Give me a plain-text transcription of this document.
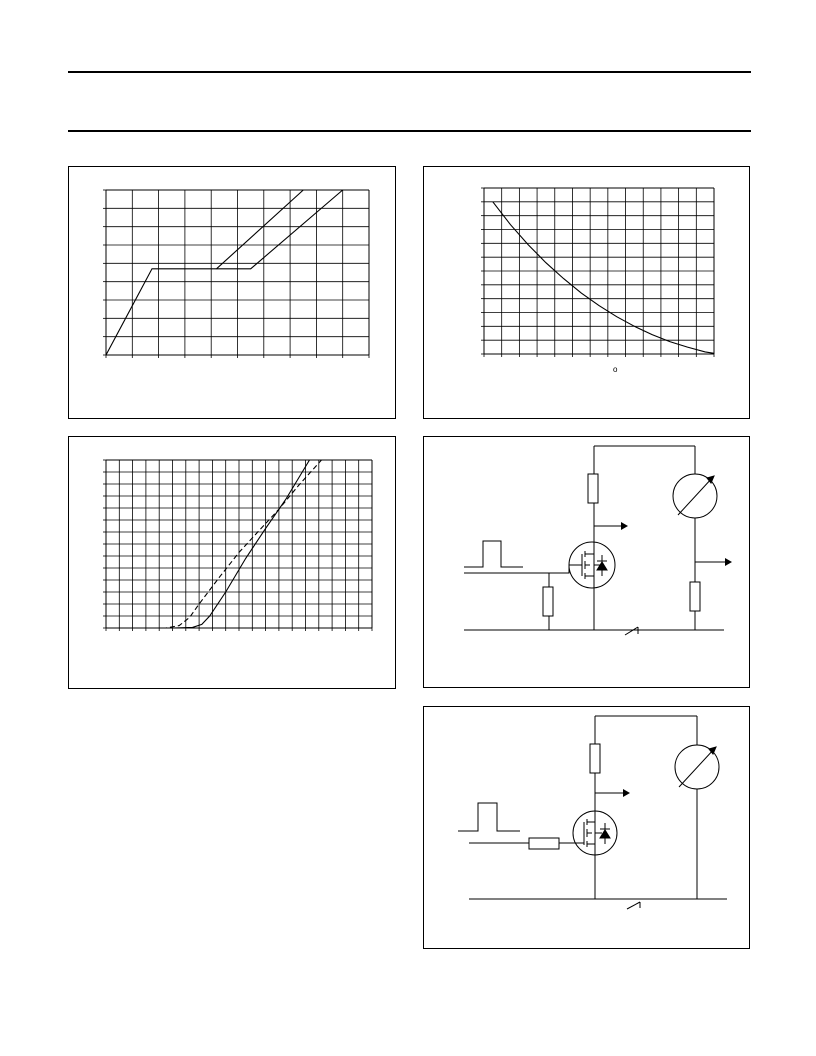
o
